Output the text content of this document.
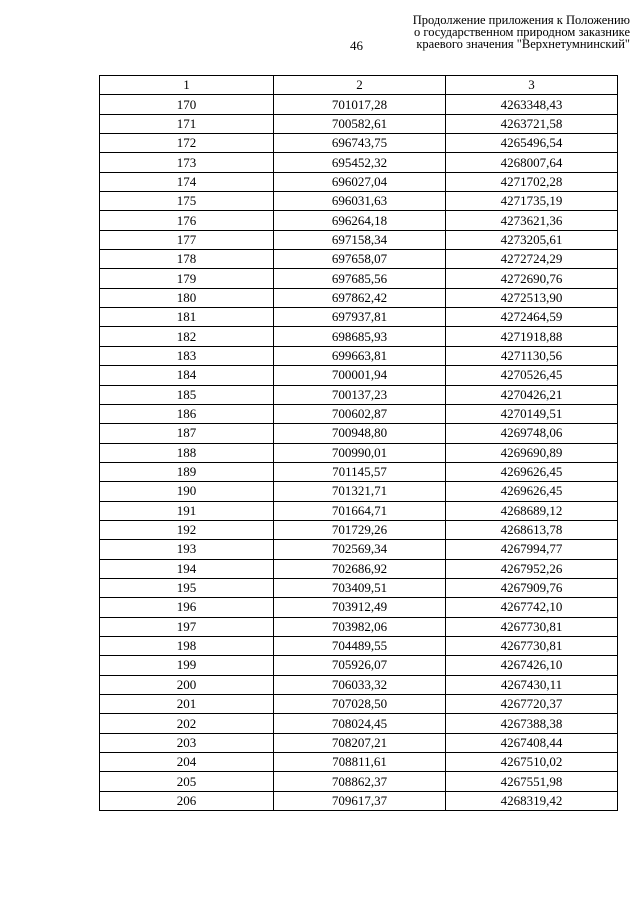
46
Продолжение приложения к Положению
о государственном природном заказнике
краевого значения "Верхнетумнинский"
1	2	3
170	701017,28	4263348,43
171	700582,61	4263721,58
172	696743,75	4265496,54
173	695452,32	4268007,64
174	696027,04	4271702,28
175	696031,63	4271735,19
176	696264,18	4273621,36
177	697158,34	4273205,61
178	697658,07	4272724,29
179	697685,56	4272690,76
180	697862,42	4272513,90
181	697937,81	4272464,59
182	698685,93	4271918,88
183	699663,81	4271130,56
184	700001,94	4270526,45
185	700137,23	4270426,21
186	700602,87	4270149,51
187	700948,80	4269748,06
188	700990,01	4269690,89
189	701145,57	4269626,45
190	701321,71	4269626,45
191	701664,71	4268689,12
192	701729,26	4268613,78
193	702569,34	4267994,77
194	702686,92	4267952,26
195	703409,51	4267909,76
196	703912,49	4267742,10
197	703982,06	4267730,81
198	704489,55	4267730,81
199	705926,07	4267426,10
200	706033,32	4267430,11
201	707028,50	4267720,37
202	708024,45	4267388,38
203	708207,21	4267408,44
204	708811,61	4267510,02
205	708862,37	4267551,98
206	709617,37	4268319,42
